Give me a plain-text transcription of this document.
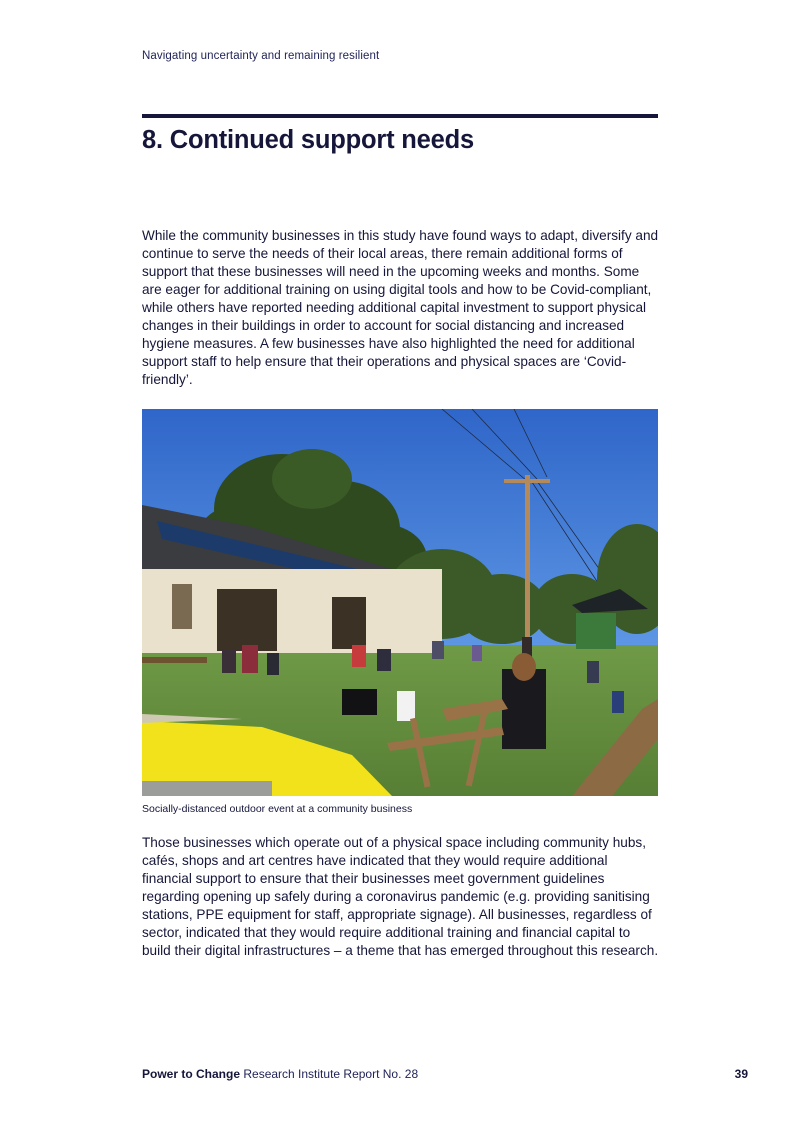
Navigating uncertainty and remaining resilient
8. Continued support needs

While the community businesses in this study have found ways to adapt, diversify and continue to serve the needs of their local areas, there remain additional forms of support that these businesses will need in the upcoming weeks and months. Some are eager for additional training on using digital tools and how to be Covid-compliant, while others have reported needing additional capital investment to support physical changes in their buildings in order to account for social distancing and increased hygiene measures. A few businesses have also highlighted the need for additional support staff to help ensure that their operations and physical spaces are ‘Covid-friendly’.

Socially-distanced outdoor event at a community business

Those businesses which operate out of a physical space including community hubs, cafés, shops and art centres have indicated that they would require additional financial support to ensure that their businesses meet government guidelines regarding opening up safely during a coronavirus pandemic (e.g. providing sanitising stations, PPE equipment for staff, appropriate signage). All businesses, regardless of sector, indicated that they would require additional training and financial capital to build their digital infrastructures – a theme that has emerged throughout this research.

Power to Change Research Institute Report No. 28	39
